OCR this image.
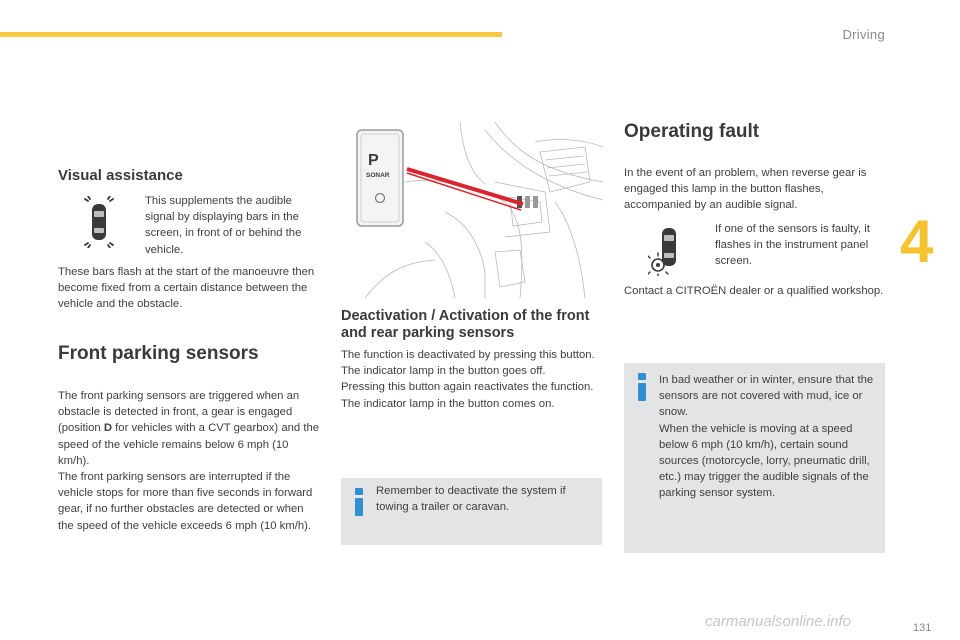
Driving
4
Visual assistance

This supplements the audible signal by displaying bars in the screen, in front of or behind the vehicle.

These bars flash at the start of the manoeuvre then become fixed from a certain distance between the vehicle and the obstacle.

Front parking sensors

The front parking sensors are triggered when an obstacle is detected in front, a gear is engaged (position D for vehicles with a CVT gearbox) and the speed of the vehicle remains below 6 mph (10 km/h).
The front parking sensors are interrupted if the vehicle stops for more than five seconds in forward gear, if no further obstacles are detected or when the speed of the vehicle exceeds 6 mph (10 km/h).

P
SONAR
Deactivation / Activation of the front and rear parking sensors

The function is deactivated by pressing this button. The indicator lamp in the button goes off.
Pressing this button again reactivates the function. The indicator lamp in the button comes on.

Remember to deactivate the system if towing a trailer or caravan.

Operating fault

In the event of an problem, when reverse gear is engaged this lamp in the button flashes, accompanied by an audible signal.

If one of the sensors is faulty, it flashes in the instrument panel screen.

Contact a CITROËN dealer or a qualified workshop.

In bad weather or in winter, ensure that the sensors are not covered with mud, ice or snow.
When the vehicle is moving at a speed below 6 mph (10 km/h), certain sound sources (motorcycle, lorry, pneumatic drill, etc.) may trigger the audible signals of the parking sensor system.

carmanualsonline.info	131
